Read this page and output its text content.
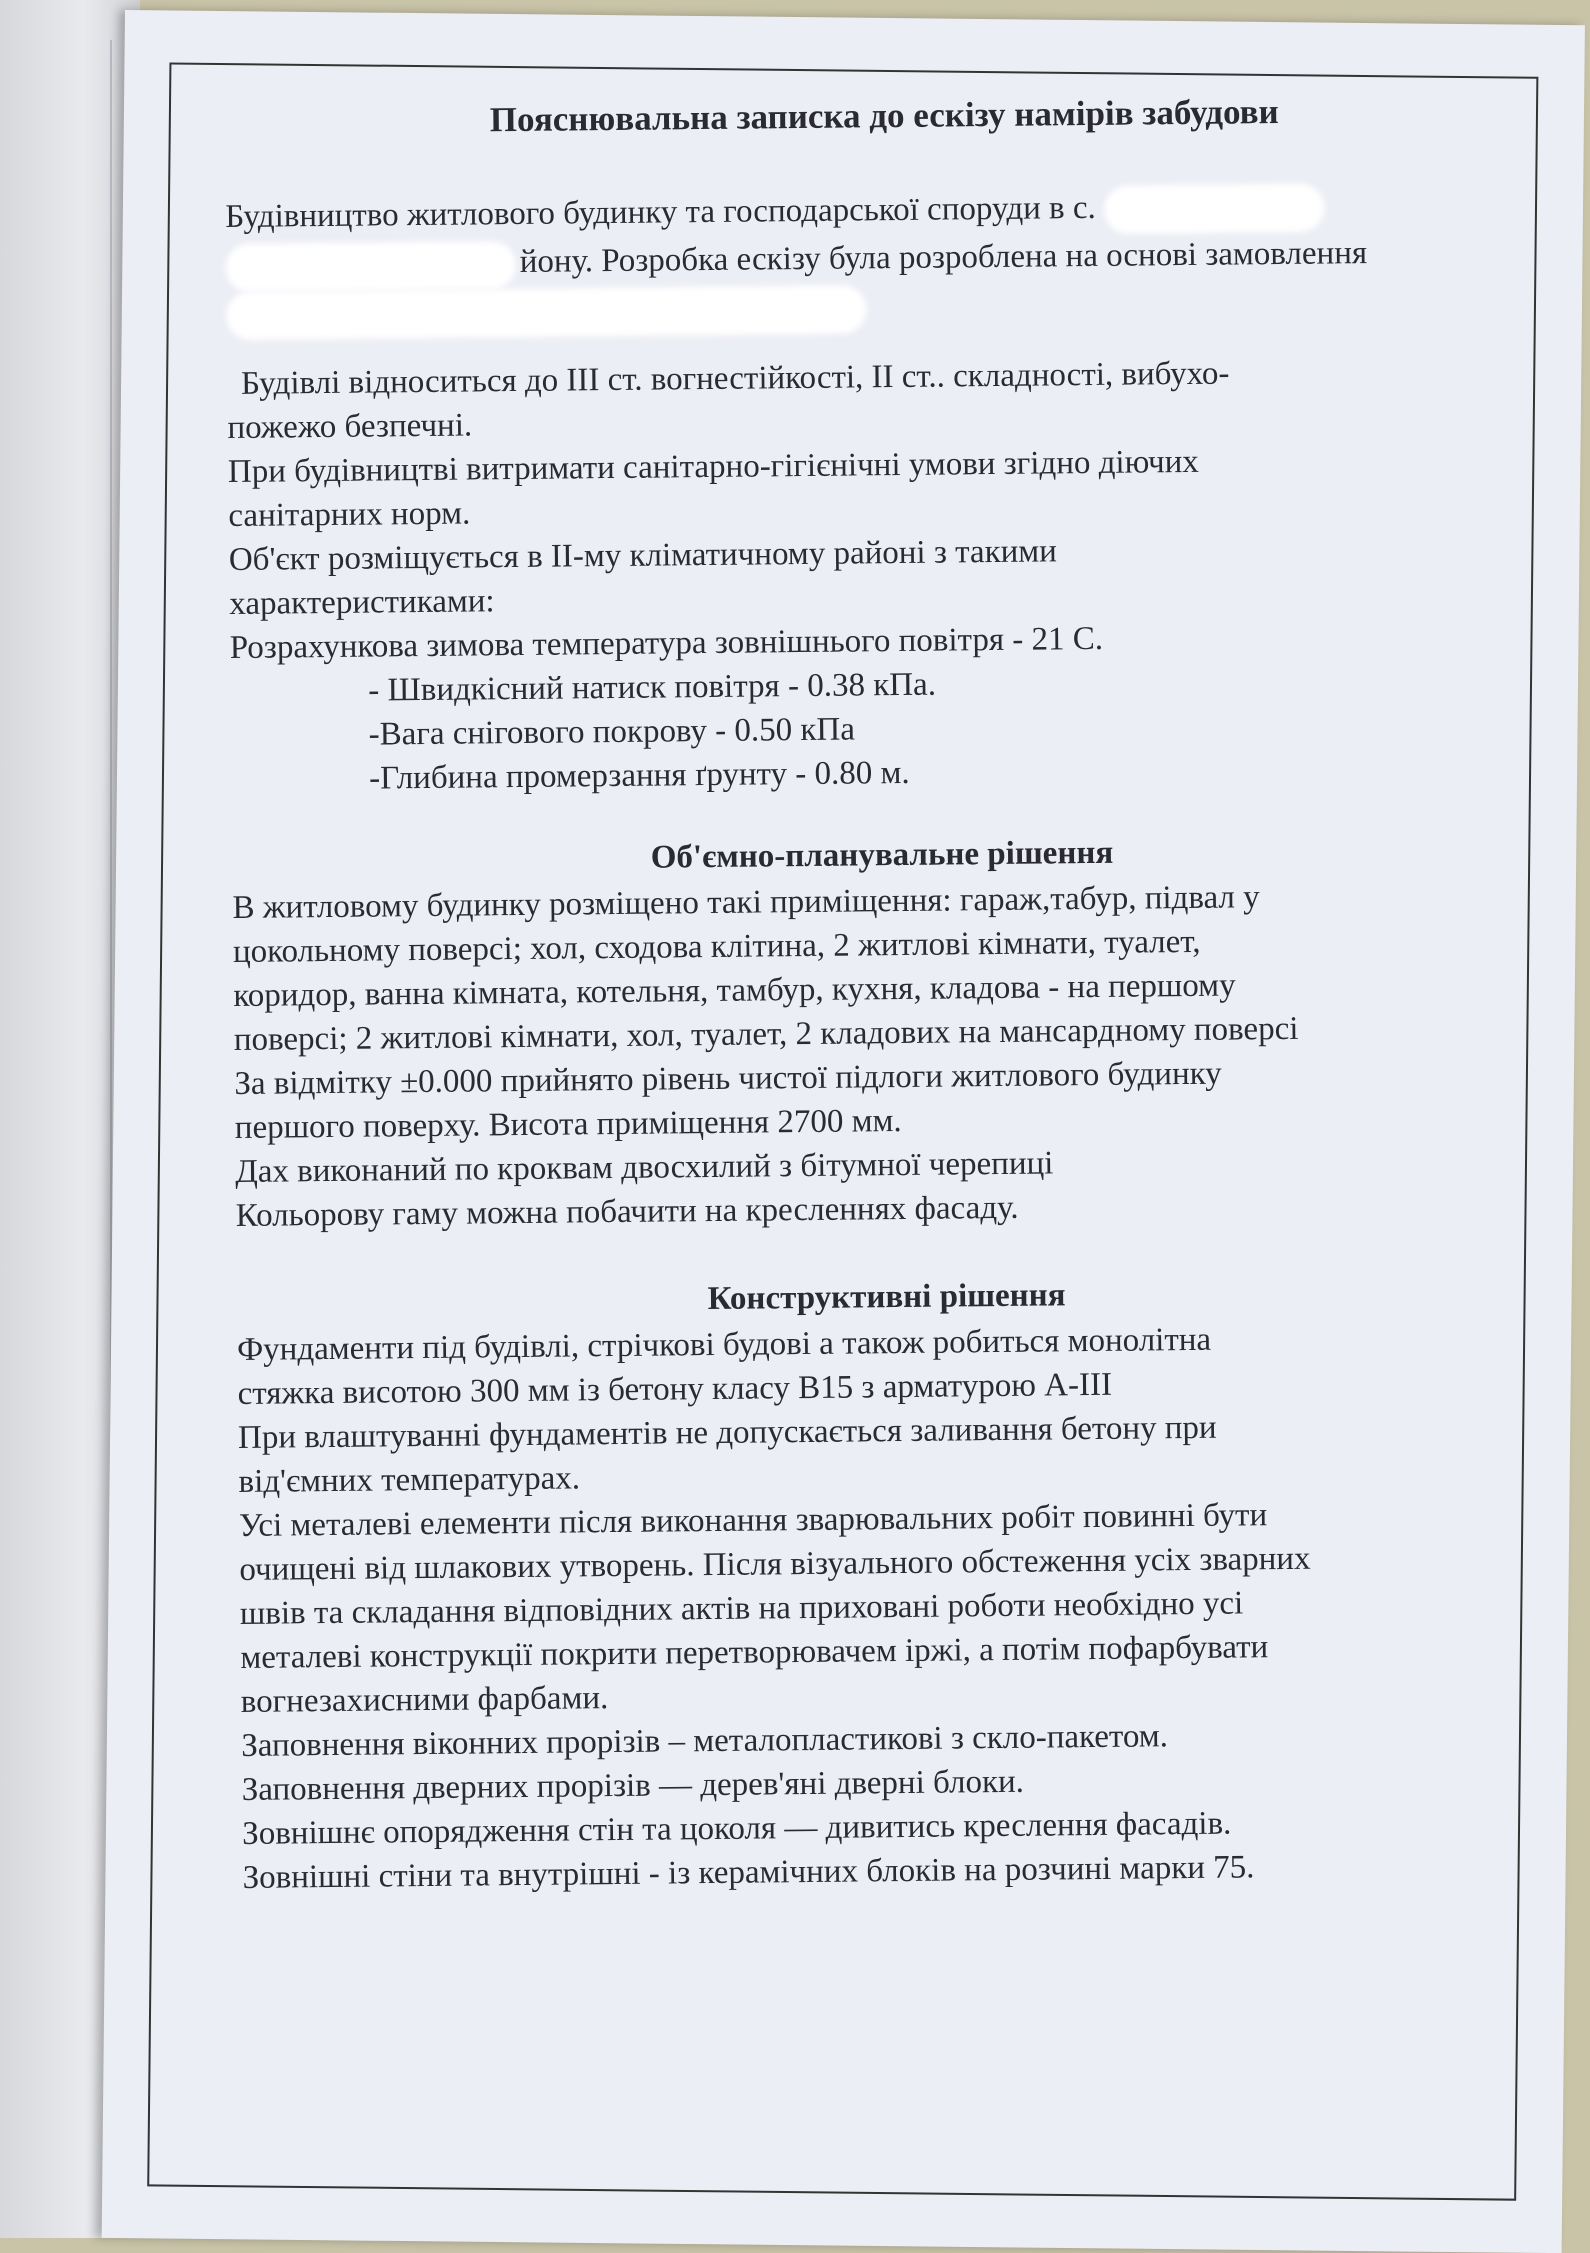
Пояснювальна записка до ескізу намірів забудови

Будівництво житлового будинку та господарської споруди в с.

йону. Розробка ескізу була розроблена на основі замовлення

Будівлі відноситься до ІІІ ст. вогнестійкості, ІІ ст.. складності, вибухо-

пожежо безпечні.

При будівництві витримати санітарно-гігієнічні умови згідно діючих

санітарних норм.

Об'єкт розміщується в ІІ-му кліматичному районі з такими

характеристиками:

Розрахункова зимова температура зовнішнього повітря - 21 С.

- Швидкісний натиск повітря - 0.38 кПа.

-Вага снігового покрову - 0.50 кПа

-Глибина промерзання ґрунту - 0.80 м.

Об'ємно-планувальне рішення

В житловому будинку розміщено такі приміщення: гараж,табур, підвал у

цокольному поверсі; хол, сходова клітина, 2 житлові кімнати, туалет,

коридор, ванна кімната, котельня, тамбур, кухня, кладова - на першому

поверсі; 2 житлові кімнати, хол, туалет, 2 кладових на мансардному поверсі

За відмітку ±0.000 прийнято рівень чистої підлоги житлового будинку

першого поверху. Висота приміщення 2700 мм.

Дах виконаний по кроквам двосхилий з бітумної черепиці

Кольорову гаму можна побачити на кресленнях фасаду.

Конструктивні рішення

Фундаменти під будівлі, стрічкові будові а також робиться монолітна

стяжка висотою 300 мм із бетону класу В15 з арматурою А-ІІІ

При влаштуванні фундаментів не допускається заливання бетону при

від'ємних температурах.

Усі металеві елементи після виконання зварювальних робіт повинні бути

очищені від шлакових утворень. Після візуального обстеження усіх зварних

швів та складання відповідних актів на приховані роботи необхідно усі

металеві конструкції покрити перетворювачем іржі, а потім пофарбувати

вогнезахисними фарбами.

Заповнення віконних прорізів – металопластикові з скло-пакетом.

Заповнення дверних прорізів — дерев'яні дверні блоки.

Зовнішнє опорядження стін та цоколя — дивитись креслення фасадів.

Зовнішні стіни та внутрішні - із керамічних блоків на розчині марки 75.
